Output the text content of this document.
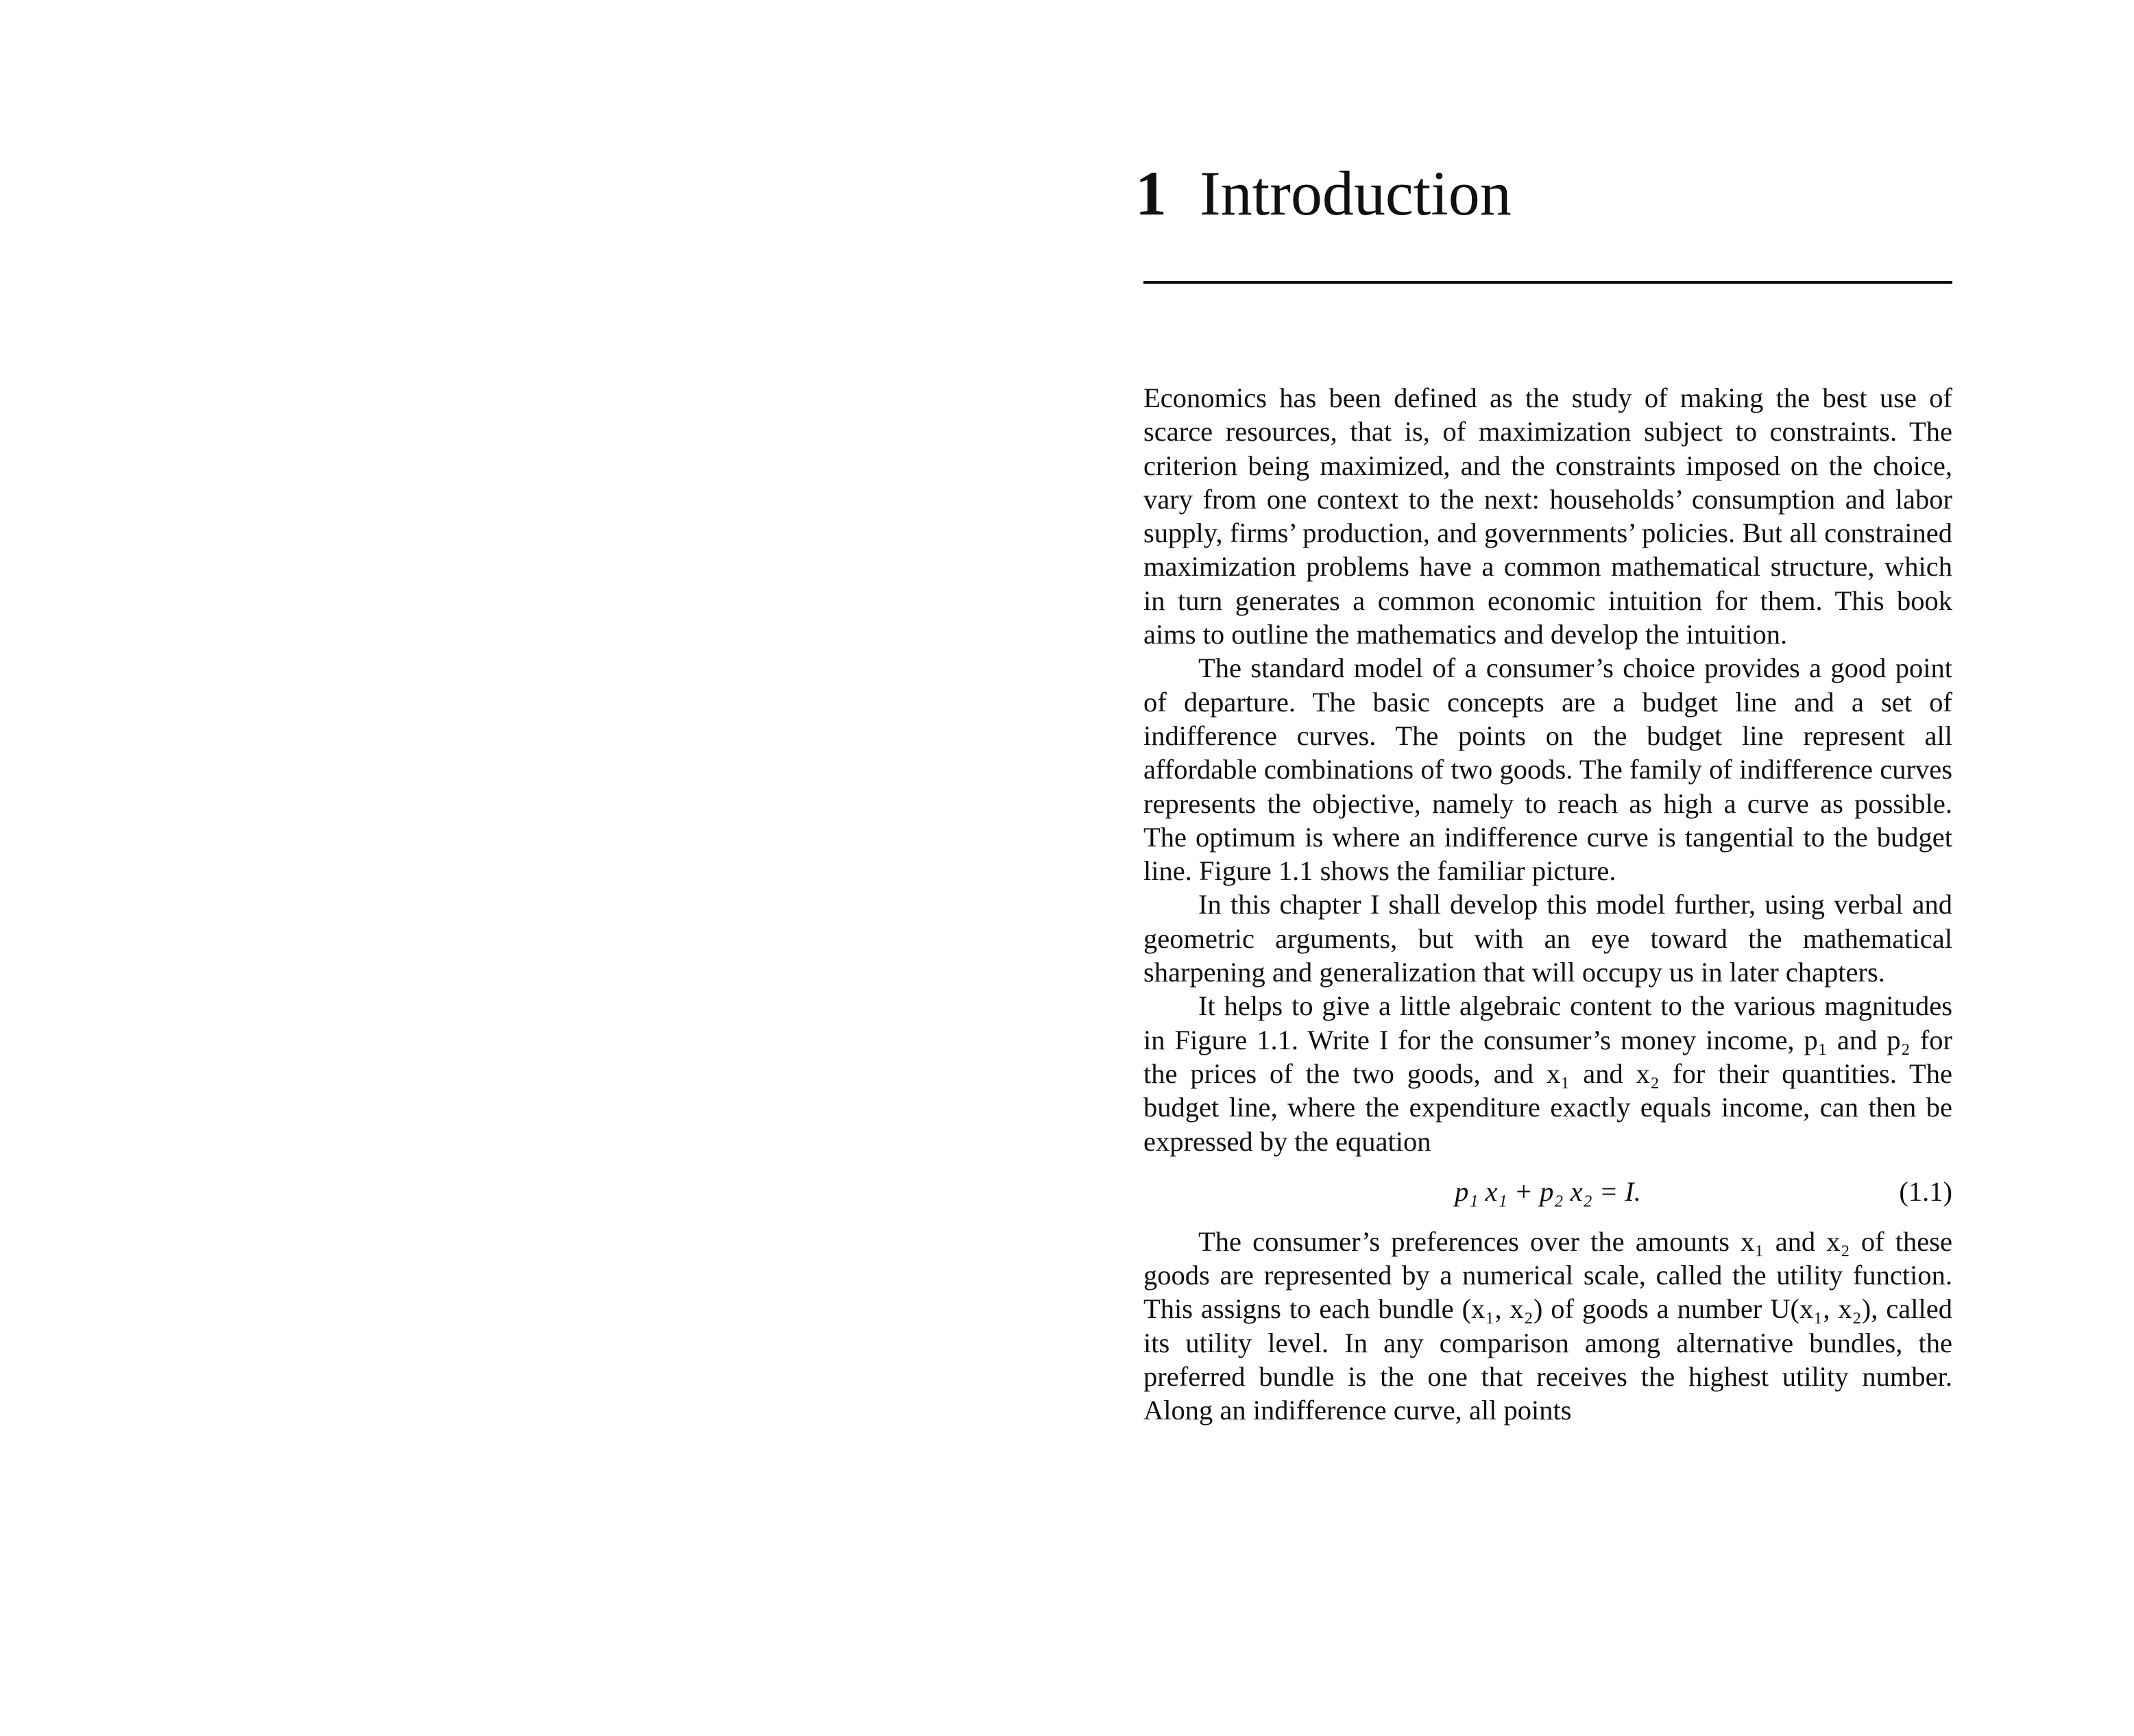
1 Introduction

Economics has been defined as the study of making the best use of scarce resources, that is, of maximization subject to constraints. The criterion being maximized, and the constraints imposed on the choice, vary from one context to the next: households’ consumption and labor supply, firms’ production, and governments’ policies. But all constrained maximization problems have a common mathematical structure, which in turn generates a common economic intuition for them. This book aims to outline the mathematics and develop the intuition.

The standard model of a consumer’s choice provides a good point of departure. The basic concepts are a budget line and a set of indifference curves. The points on the budget line represent all affordable combinations of two goods. The family of indifference curves represents the objective, namely to reach as high a curve as possible. The optimum is where an indifference curve is tangential to the budget line. Figure 1.1 shows the familiar picture.

In this chapter I shall develop this model further, using verbal and geometric arguments, but with an eye toward the mathematical sharpening and generalization that will occupy us in later chapters.

It helps to give a little algebraic content to the various magnitudes in Figure 1.1. Write I for the consumer’s money income, p₁ and p₂ for the prices of the two goods, and x₁ and x₂ for their quantities. The budget line, where the expenditure exactly equals income, can then be expressed by the equation

p₁ x₁ + p₂ x₂ = I.	(1.1)

The consumer’s preferences over the amounts x₁ and x₂ of these goods are represented by a numerical scale, called the utility function. This assigns to each bundle (x₁, x₂) of goods a number U(x₁, x₂), called its utility level. In any comparison among alternative bundles, the preferred bundle is the one that receives the highest utility number. Along an indifference curve, all points
